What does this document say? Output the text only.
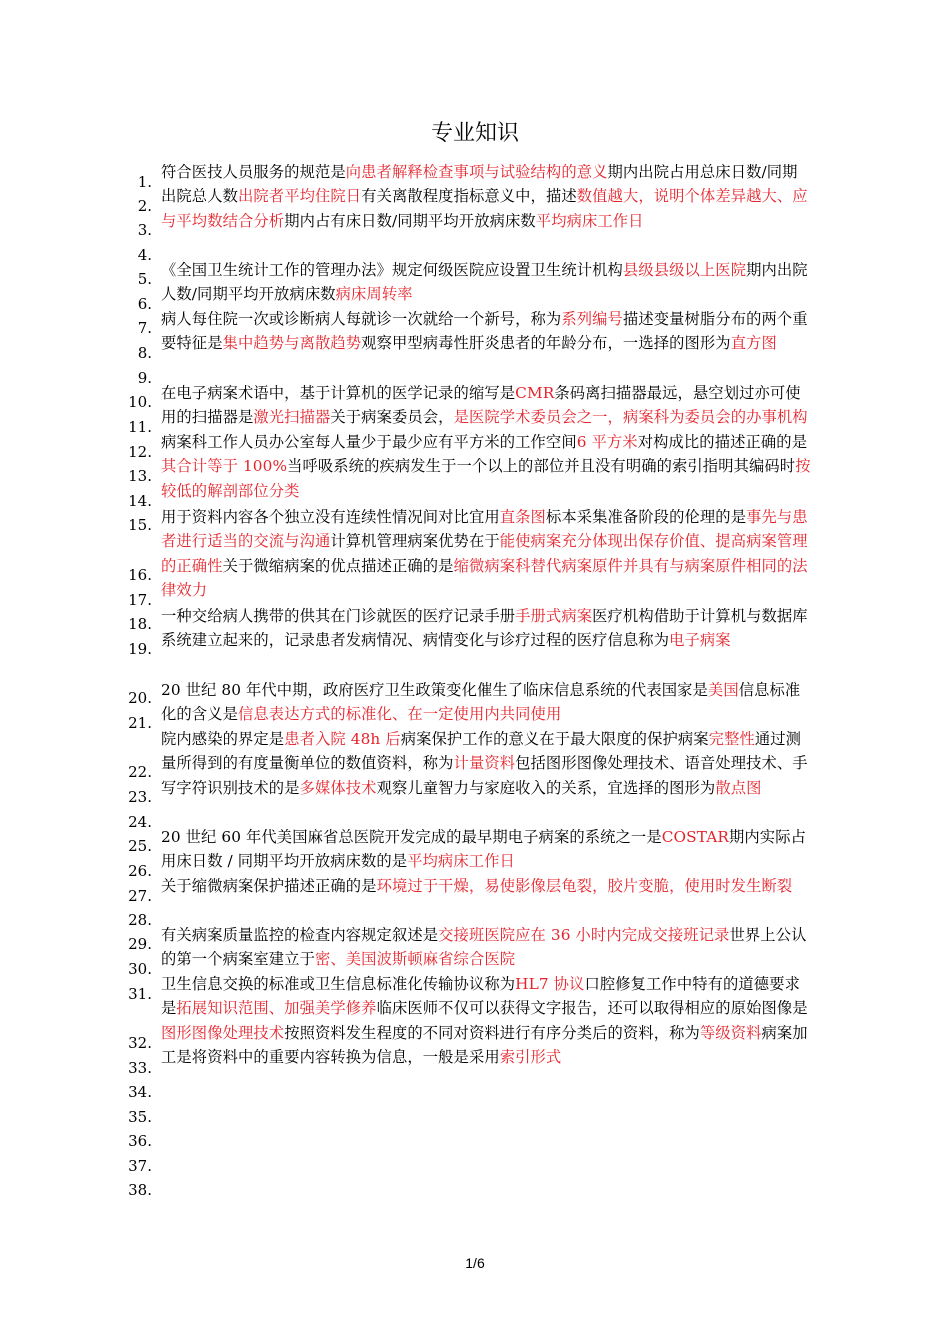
专业知识
1.
2.
3.
4.
5.
6.
7.
8.
9.
10.
11.
12.
13.
14.
15.
16.
17.
18.
19.
20.
21.
22.
23.
24.
25.
26.
27.
28.
29.
30.
31.
32.
33.
34.
35.
36.
37.
38.
符合医技人员服务的规范是向患者解释检查事项与试验结构的意义期内出院占用总床日数/同期出院总人数出院者平均住院日有关离散程度指标意义中，描述数值越大，说明个体差异越大、应与平均数结合分析期内占有床日数/同期平均开放病床数平均病床工作日
《全国卫生统计工作的管理办法》规定何级医院应设置卫生统计机构县级县级以上医院期内出院人数/同期平均开放病床数病床周转率
病人每住院一次或诊断病人每就诊一次就给一个新号，称为系列编号描述变量树脂分布的两个重要特征是集中趋势与离散趋势观察甲型病毒性肝炎患者的年龄分布，一选择的图形为直方图
在电子病案术语中，基于计算机的医学记录的缩写是CMR条码离扫描器最远，悬空划过亦可使用的扫描器是激光扫描器关于病案委员会，是医院学术委员会之一，病案科为委员会的办事机构病案科工作人员办公室每人量少于最少应有平方米的工作空间6 平方米对构成比的描述正确的是其合计等于 100%当呼吸系统的疾病发生于一个以上的部位并且没有明确的索引指明其编码时按较低的解剖部位分类
用于资料内容各个独立没有连续性情况间对比宜用直条图标本采集准备阶段的伦理的是事先与患者进行适当的交流与沟通计算机管理病案优势在于能使病案充分体现出保存价值、提高病案管理的正确性关于微缩病案的优点描述正确的是缩微病案科替代病案原件并具有与病案原件相同的法律效力
一种交给病人携带的供其在门诊就医的医疗记录手册手册式病案医疗机构借助于计算机与数据库系统建立起来的，记录患者发病情况、病情变化与诊疗过程的医疗信息称为电子病案
20 世纪 80 年代中期，政府医疗卫生政策变化催生了临床信息系统的代表国家是美国信息标准化的含义是信息表达方式的标准化、在一定使用内共同使用
院内感染的界定是患者入院 48h 后病案保护工作的意义在于最大限度的保护病案完整性通过测量所得到的有度量衡单位的数值资料，称为计量资料包括图形图像处理技术、语音处理技术、手写字符识别技术的是多媒体技术观察儿童智力与家庭收入的关系，宜选择的图形为散点图
20 世纪 60 年代美国麻省总医院开发完成的最早期电子病案的系统之一是COSTAR期内实际占用床日数 / 同期平均开放病床数的是平均病床工作日
关于缩微病案保护描述正确的是环境过于干燥，易使影像层龟裂，胶片变脆，使用时发生断裂
有关病案质量监控的检查内容规定叙述是交接班医院应在 36 小时内完成交接班记录世界上公认的第一个病案室建立于密、美国波斯顿麻省综合医院
卫生信息交换的标准或卫生信息标准化传输协议称为HL7 协议口腔修复工作中特有的道德要求是拓展知识范围、加强美学修养临床医师不仅可以获得文字报告，还可以取得相应的原始图像是图形图像处理技术按照资料发生程度的不同对资料进行有序分类后的资料，称为等级资料病案加工是将资料中的重要内容转换为信息，一般是采用索引形式
1/6
